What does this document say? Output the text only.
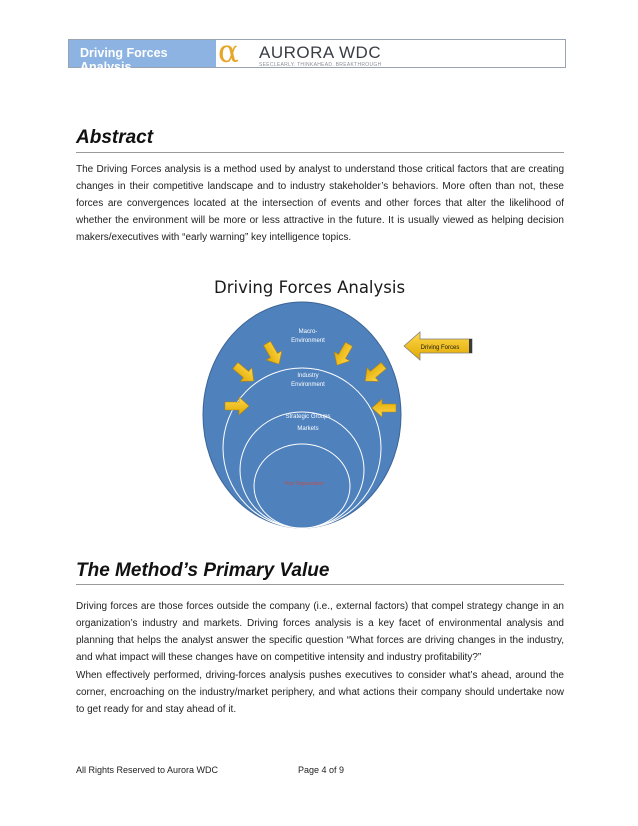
Driving Forces Analysis	α AURORA WDC
SEECLEARLY. THINKAHEAD. BREAKTHROUGH
Abstract

The Driving Forces analysis is a method used by analyst to understand those critical factors that are creating changes in their competitive landscape and to industry stakeholder’s behaviors. More often than not, these forces are convergences located at the intersection of events and other forces that alter the likelihood of whether the environment will be more or less attractive in the future. It is usually viewed as helping decision makers/executives with “early warning” key intelligence topics.

Driving Forces Analysis

Macro-
Environment
Industry
Environment
Strategic Groups
Markets
Your Organization
Driving Forces
The Method’s Primary Value

Driving forces are those forces outside the company (i.e., external factors) that compel strategy change in an organization’s industry and markets. Driving forces analysis is a key facet of environmental analysis and planning that helps the analyst answer the specific question “What forces are driving changes in the industry, and what impact will these changes have on competitive intensity and industry profitability?”

When effectively performed, driving-forces analysis pushes executives to consider what’s ahead, around the corner, encroaching on the industry/market periphery, and what actions their company should undertake now to get ready for and stay ahead of it.

All Rights Reserved to Aurora WDC	Page 4 of 9
